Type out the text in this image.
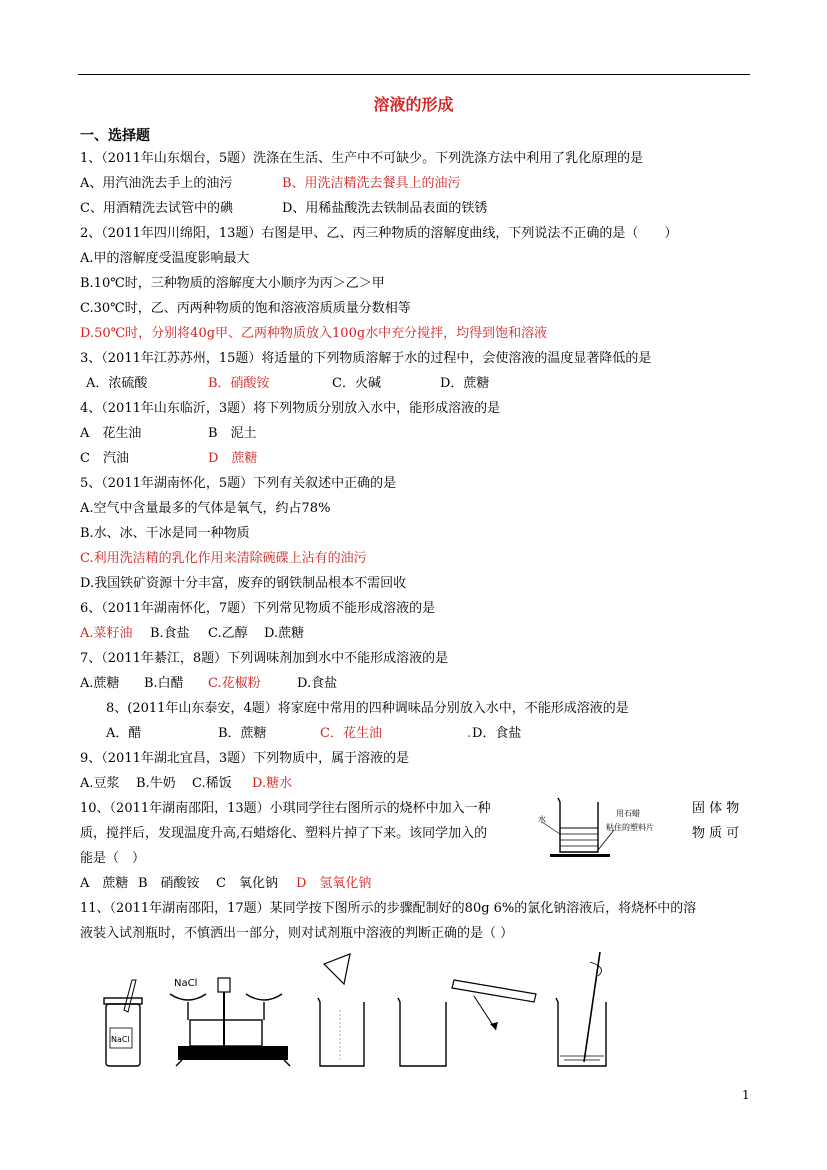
溶液的形成
一、选择题
1、（2011年山东烟台，5题）洗涤在生活、生产中不可缺少。下列洗涤方法中利用了乳化原理的是
A、用汽油洗去手上的油污	B、用洗洁精洗去餐具上的油污
C、用酒精洗去试管中的碘	D、用稀盐酸洗去铁制品表面的铁锈
2、（2011年四川绵阳，13题）右图是甲、乙、丙三种物质的溶解度曲线，下列说法不正确的是（　　）
A.甲的溶解度受温度影响最大
B.10℃时，三种物质的溶解度大小顺序为丙＞乙＞甲
C.30℃时，乙、丙两种物质的饱和溶液溶质质量分数相等
D.50℃时，分别将40g甲、乙两种物质放入100g水中充分搅拌，均得到饱和溶液
3、（2011年江苏苏州，15题）将适量的下列物质溶解于水的过程中，会使溶液的温度显著降低的是
A．浓硫酸	B．硝酸铵	C．火碱	D．蔗糖
4、（2011年山东临沂，3题）将下列物质分别放入水中，能形成溶液的是
A　花生油	B　泥土
C　汽油	D　蔗糖
5、（2011年湖南怀化，5题）下列有关叙述中正确的是
A.空气中含量最多的气体是氧气，约占78%
B.水、冰、干冰是同一种物质
C.利用洗洁精的乳化作用来清除碗碟上沾有的油污
D.我国铁矿资源十分丰富，废弃的钢铁制品根本不需回收
6、（2011年湖南怀化，7题）下列常见物质不能形成溶液的是
A.菜籽油 B.食盐 C.乙醇 D.蔗糖
7、（2011年綦江，8题）下列调味剂加到水中不能形成溶液的是
A.蔗糖 B.白醋 C.花椒粉	D.食盐
8、(2011年山东泰安，4题）将家庭中常用的四种调味品分别放入水中，不能形成溶液的是
A．醋	B．蔗糖	C．花生油	. D．食盐
9、（2011年湖北宜昌，3题）下列物质中，属于溶液的是
A.豆浆 B.牛奶 C.稀饭 D.糖水
10、（2011年湖南邵阳，13题）小琪同学往右图所示的烧杯中加入一种	固 体 物
质，搅拌后，发现温度升高,石蜡熔化、塑料片掉了下来。该同学加入的	物 质 可
能是（　）
A　蔗糖 B　硝酸铵 C　氧化钠 D　氢氧化钠
水
用石蜡
粘住的塑料片
11、（2011年湖南邵阳，17题）某同学按下图所示的步骤配制好的80g 6%的氯化钠溶液后，将烧杯中的溶
液装入试剂瓶时，不慎洒出一部分，则对试剂瓶中溶液的判断正确的是（ ）
NaCl
NaCl
1
